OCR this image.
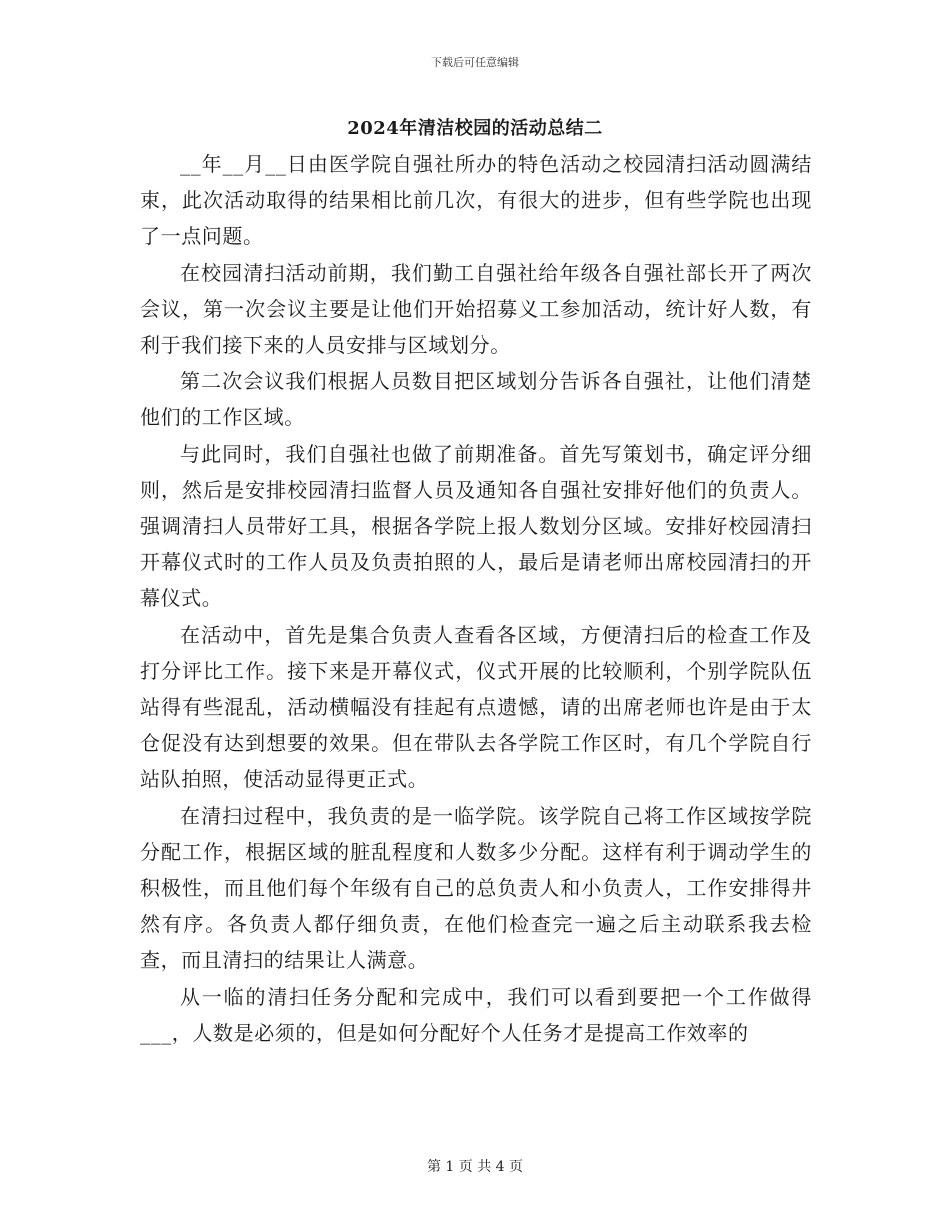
下载后可任意编辑
2024年清洁校园的活动总结二

__年__月__日由医学院自强社所办的特色活动之校园清扫活动圆满结束，此次活动取得的结果相比前几次，有很大的进步，但有些学院也出现了一点问题。

在校园清扫活动前期，我们勤工自强社给年级各自强社部长开了两次会议，第一次会议主要是让他们开始招募义工参加活动，统计好人数，有利于我们接下来的人员安排与区域划分。

第二次会议我们根据人员数目把区域划分告诉各自强社，让他们清楚他们的工作区域。

与此同时，我们自强社也做了前期准备。首先写策划书，确定评分细则，然后是安排校园清扫监督人员及通知各自强社安排好他们的负责人。强调清扫人员带好工具，根据各学院上报人数划分区域。安排好校园清扫开幕仪式时的工作人员及负责拍照的人，最后是请老师出席校园清扫的开幕仪式。

在活动中，首先是集合负责人查看各区域，方便清扫后的检查工作及打分评比工作。接下来是开幕仪式，仪式开展的比较顺利，个别学院队伍站得有些混乱，活动横幅没有挂起有点遗憾，请的出席老师也许是由于太仓促没有达到想要的效果。但在带队去各学院工作区时，有几个学院自行站队拍照，使活动显得更正式。

在清扫过程中，我负责的是一临学院。该学院自己将工作区域按学院分配工作，根据区域的脏乱程度和人数多少分配。这样有利于调动学生的积极性，而且他们每个年级有自己的总负责人和小负责人，工作安排得井然有序。各负责人都仔细负责，在他们检查完一遍之后主动联系我去检查，而且清扫的结果让人满意。

从一临的清扫任务分配和完成中，我们可以看到要把一个工作做得___，人数是必须的，但是如何分配好个人任务才是提高工作效率的

第 1 页 共 4 页
